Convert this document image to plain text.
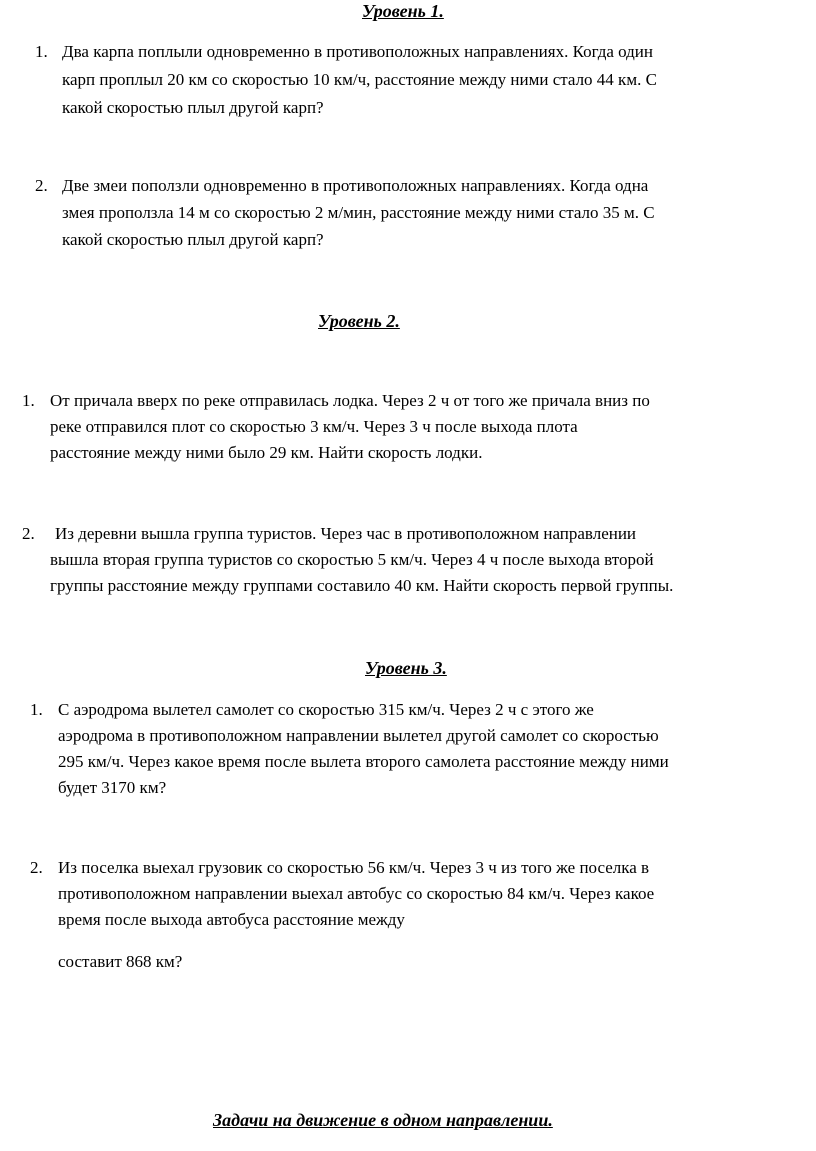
Уровень 1.
1. Два карпа поплыли одновременно в противоположных направлениях. Когда один
карп проплыл 20 км со скоростью 10 км/ч, расстояние между ними стало 44 км. С
какой скоростью плыл другой карп?
2. Две змеи поползли одновременно в противоположных направлениях. Когда одна
змея проползла 14 м со скоростью 2 м/мин, расстояние между ними стало 35 м. С
какой скоростью плыл другой карп?
Уровень 2.
1. От причала вверх по реке отправилась лодка. Через 2 ч от того же причала вниз по
реке отправился плот со скоростью 3 км/ч. Через 3 ч после выхода плота
расстояние между ними было 29 км. Найти скорость лодки.
2. Из деревни вышла группа туристов. Через час в противоположном направлении
вышла вторая группа туристов со скоростью 5 км/ч. Через 4 ч после выхода второй
группы расстояние между группами составило 40 км. Найти скорость первой группы.
Уровень 3.
1. С аэродрома вылетел самолет со скоростью 315 км/ч. Через 2 ч с этого же
аэродрома в противоположном направлении вылетел другой самолет со скоростью
295 км/ч. Через какое время после вылета второго самолета расстояние между ними
будет 3170 км?
2. Из поселка выехал грузовик со скоростью 56 км/ч. Через 3 ч из того же поселка в
противоположном направлении выехал автобус со скоростью 84 км/ч. Через какое
время после выхода автобуса расстояние между
составит 868 км?
Задачи на движение в одном направлении.
